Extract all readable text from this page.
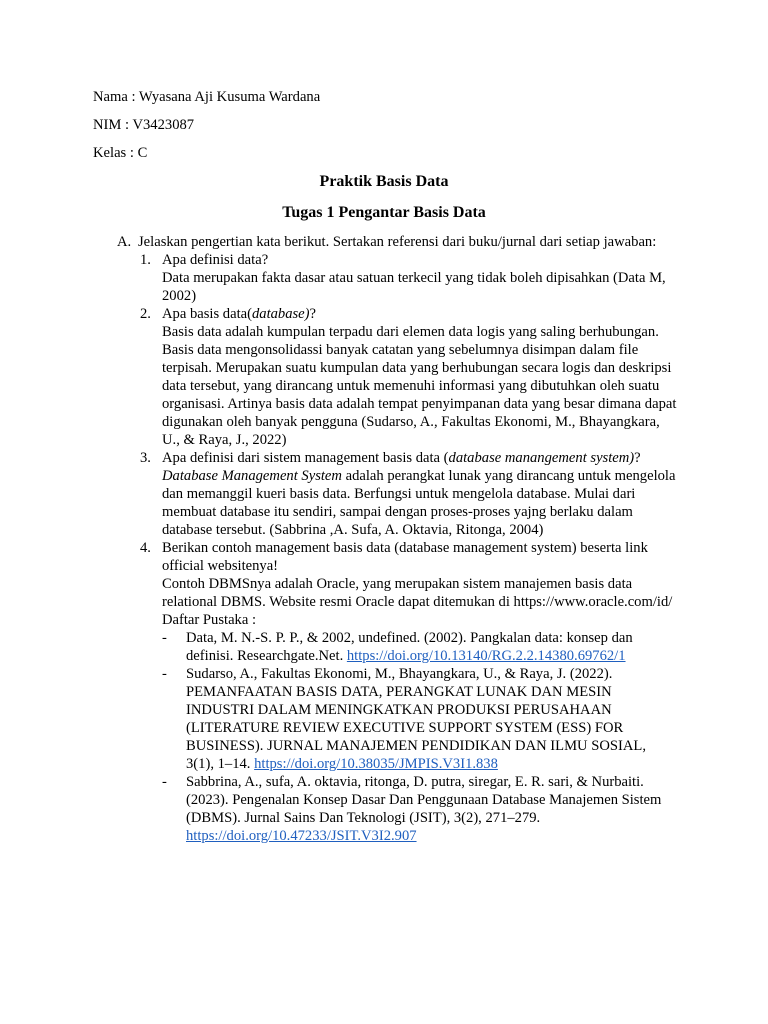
Nama : Wyasana Aji Kusuma Wardana

NIM : V3423087

Kelas : C

Praktik Basis Data

Tugas 1 Pengantar Basis Data

A. Jelaskan pengertian kata berikut. Sertakan referensi dari buku/jurnal dari setiap jawaban:
1. Apa definisi data?

Data merupakan fakta dasar atau satuan terkecil yang tidak boleh dipisahkan (Data M, 2002)

2. Apa basis data(database)?

Basis data adalah kumpulan terpadu dari elemen data logis yang saling berhubungan. Basis data mengonsolidassi banyak catatan yang sebelumnya disimpan dalam file terpisah. Merupakan suatu kumpulan data yang berhubungan secara logis dan deskripsi data tersebut, yang dirancang untuk memenuhi informasi yang dibutuhkan oleh suatu organisasi. Artinya basis data adalah tempat penyimpanan data yang besar dimana dapat digunakan oleh banyak pengguna (Sudarso, A., Fakultas Ekonomi, M., Bhayangkara, U., & Raya, J., 2022)

3. Apa definisi dari sistem management basis data (database manangement system)?

Database Management System adalah perangkat lunak yang dirancang untuk mengelola dan memanggil kueri basis data. Berfungsi untuk mengelola database. Mulai dari membuat database itu sendiri, sampai dengan proses-proses yajng berlaku dalam database tersebut. (Sabbrina ,A. Sufa, A. Oktavia, Ritonga, 2004)

4. Berikan contoh management basis data (database management system) beserta link official websitenya!

Contoh DBMSnya adalah Oracle, yang merupakan sistem manajemen basis data relational DBMS. Website resmi Oracle dapat ditemukan di https://www.oracle.com/id/

Daftar Pustaka :

- Data, M. N.-S. P. P., & 2002, undefined. (2002). Pangkalan data: konsep dan definisi. Researchgate.Net. https://doi.org/10.13140/RG.2.2.14380.69762/1
- Sudarso, A., Fakultas Ekonomi, M., Bhayangkara, U., & Raya, J. (2022). PEMANFAATAN BASIS DATA, PERANGKAT LUNAK DAN MESIN INDUSTRI DALAM MENINGKATKAN PRODUKSI PERUSAHAAN (LITERATURE REVIEW EXECUTIVE SUPPORT SYSTEM (ESS) FOR BUSINESS). JURNAL MANAJEMEN PENDIDIKAN DAN ILMU SOSIAL, 3(1), 1–14. https://doi.org/10.38035/JMPIS.V3I1.838
- Sabbrina, A., sufa, A. oktavia, ritonga, D. putra, siregar, E. R. sari, & Nurbaiti. (2023). Pengenalan Konsep Dasar Dan Penggunaan Database Manajemen Sistem (DBMS). Jurnal Sains Dan Teknologi (JSIT), 3(2), 271–279. https://doi.org/10.47233/JSIT.V3I2.907
